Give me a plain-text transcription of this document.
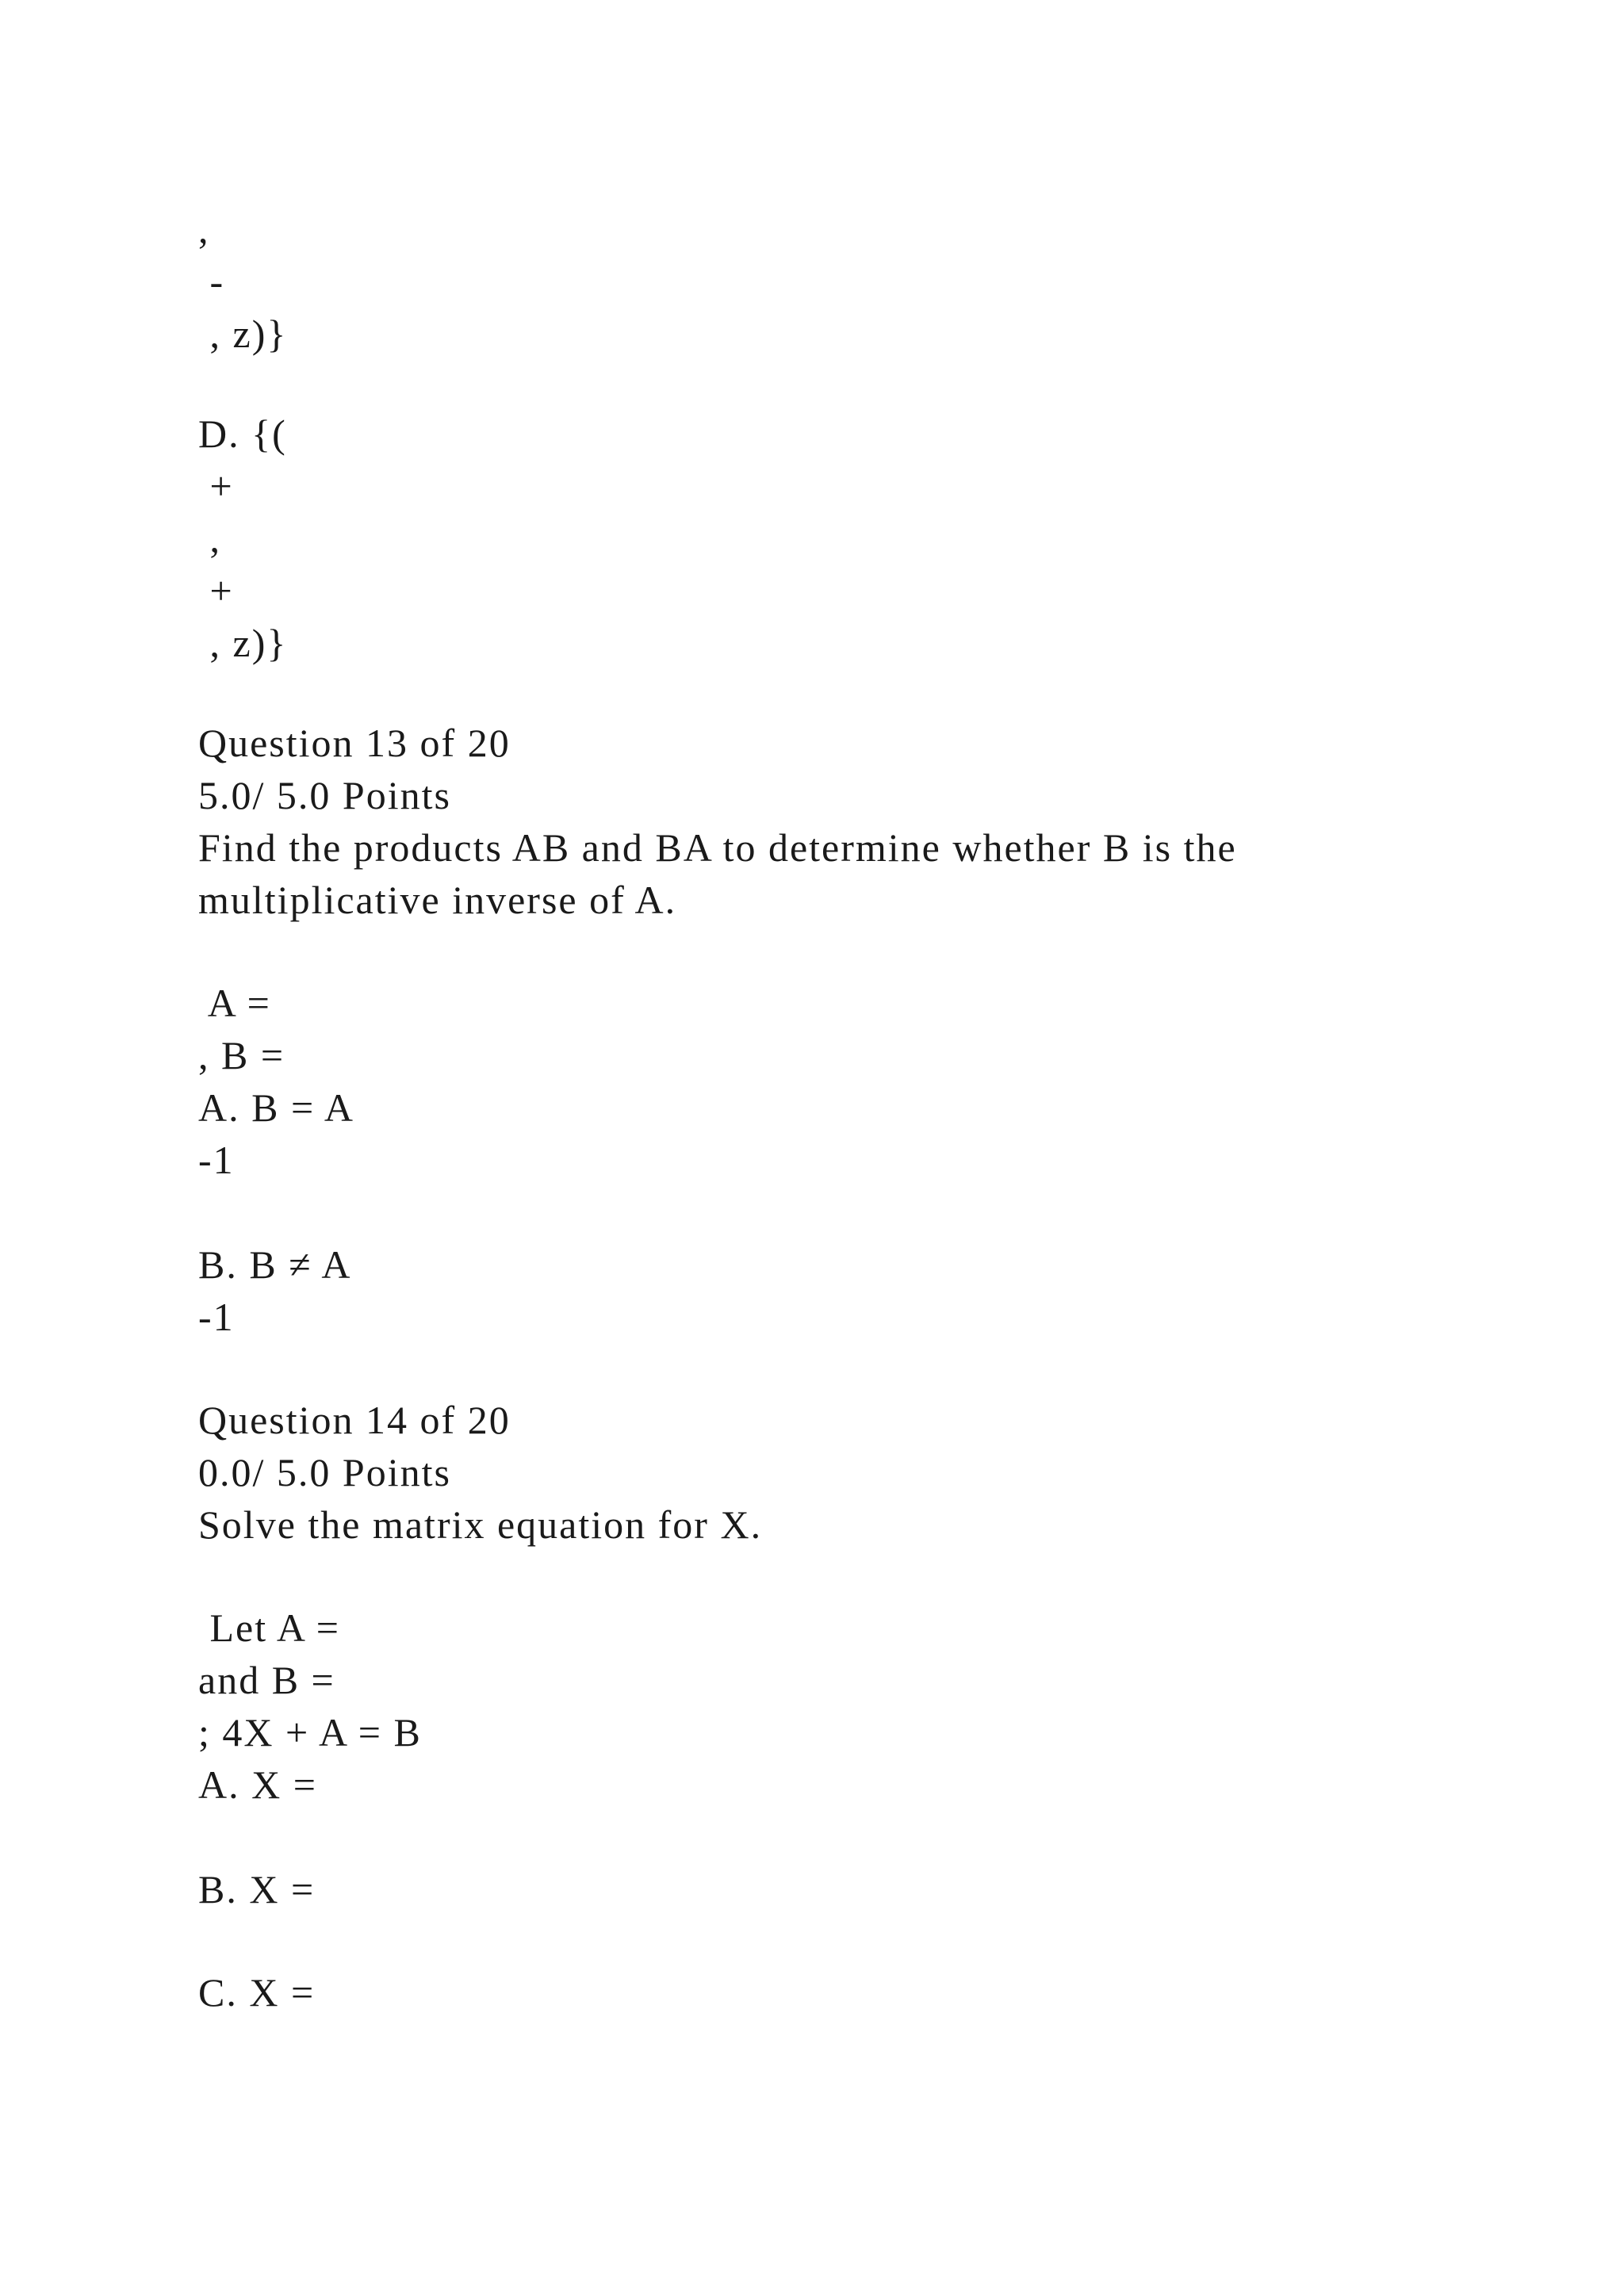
,
-
, z)}
D. {(
+
,
+
, z)}
Question 13 of 20
5.0/ 5.0 Points
Find the products AB and BA to determine whether B is the
multiplicative inverse of A.
A =
, B =
A. B = A
-1
B. B ≠ A
-1
Question 14 of 20
0.0/ 5.0 Points
Solve the matrix equation for X.
Let A =
and B =
; 4X + A = B
A. X =
B. X =
C. X =
